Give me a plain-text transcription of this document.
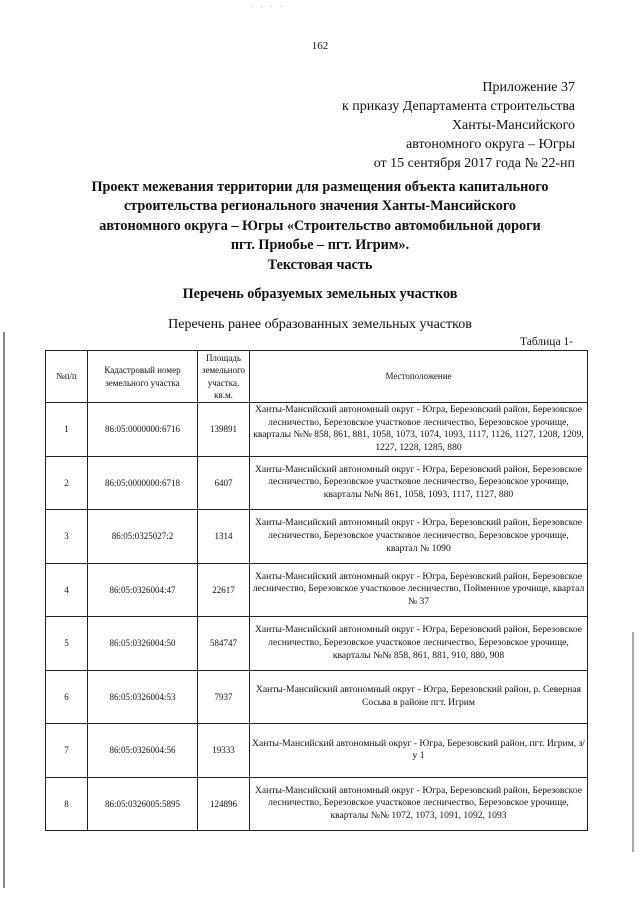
· · · ·
162
Приложение 37
к приказу Департамента строительства
Ханты-Мансийского
автономного округа – Югры
от 15 сентября 2017 года № 22-нп
Проект межевания территории для размещения объекта капитального
строительства регионального значения Ханты-Мансийского
автономного округа – Югры «Строительство автомобильной дороги
пгт. Приобье – пгт. Игрим».
Текстовая часть
Перечень образуемых земельных участков
Перечень ранее образованных земельных участков
Таблица 1-
№п/п	Кадастровый номер земельного участка	Площадь земельного участка, кв.м.	Местоположение
1	86:05:0000000:6716	139891	Ханты-Мансийский автономный округ - Югра, Березовский район, Березовское лесничество, Березовское участковое лесничество, Березовское урочище, кварталы №№ 858, 861, 881, 1058, 1073, 1074, 1093, 1117, 1126, 1127, 1208, 1209, 1227, 1228, 1285, 880
2	86:05:0000000:6718	6407	Ханты-Мансийский автономный округ - Югра, Березовский район, Березовское лесничество, Березовское участковое лесничество, Березовское урочище, кварталы №№ 861, 1058, 1093, 1117, 1127, 880
3	86:05:0325027:2	1314	Ханты-Мансийский автономный округ - Югра, Березовский район, Березовское лесничество, Березовское участковое лесничество, Березовское урочище, квартал № 1090
4	86:05:0326004:47	22617	Ханты-Мансийский автономный округ - Югра, Березовский район, Березовское лесничество, Березовское участковое лесничество, Пойменное урочище, квартал № 37
5	86:05:0326004:50	584747	Ханты-Мансийский автономный округ - Югра, Березовский район, Березовское лесничество, Березовское участковое лесничество, Березовское урочище, кварталы №№ 858, 861, 881, 910, 880, 908
6	86:05:0326004:53	7937	Ханты-Мансийский автономный округ - Югра, Березовский район, р. Северная Сосьва в районе пгт. Игрим
7	86:05:0326004:56	19333	Ханты-Мансийский автономный округ - Югра, Березовский район, пгт. Игрим, з/у 1
8	86:05:0326005:5895	124896	Ханты-Мансийский автономный округ - Югра, Березовский район, Березовское лесничество, Березовское участковое лесничество, Березовское урочище, кварталы №№ 1072, 1073, 1091, 1092, 1093
